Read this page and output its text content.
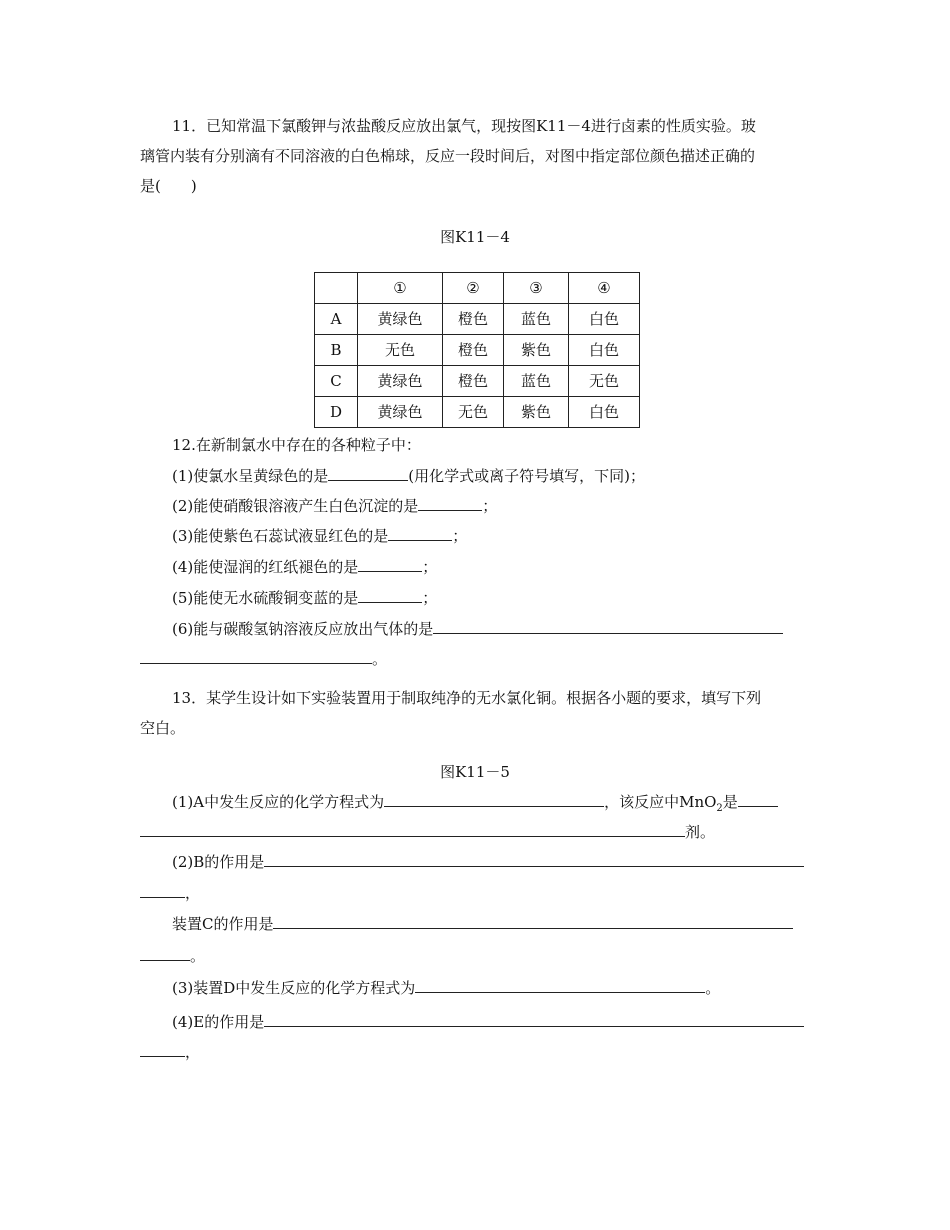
11．已知常温下氯酸钾与浓盐酸反应放出氯气，现按图K11－4进行卤素的性质实验。玻
璃管内装有分别滴有不同溶液的白色棉球，反应一段时间后，对图中指定部位颜色描述正确的
是(　　)
图K11－4
	①	②	③	④
A	黄绿色	橙色	蓝色	白色
B	无色	橙色	紫色	白色
C	黄绿色	橙色	蓝色	无色
D	黄绿色	无色	紫色	白色
12.在新制氯水中存在的各种粒子中：
(1)使氯水呈黄绿色的是	(用化学式或离子符号填写，下同)；
(2)能使硝酸银溶液产生白色沉淀的是	；
(3)能使紫色石蕊试液显红色的是	；
(4)能使湿润的红纸褪色的是	；
(5)能使无水硫酸铜变蓝的是	；
(6)能与碳酸氢钠溶液反应放出气体的是
。
13．某学生设计如下实验装置用于制取纯净的无水氯化铜。根据各小题的要求，填写下列
空白。
图K11－5
(1)A中发生反应的化学方程式为	，该反应中MnO$_2$是
剂。
(2)B的作用是
，
装置C的作用是
。
(3)装置D中发生反应的化学方程式为	。
(4)E的作用是
，
